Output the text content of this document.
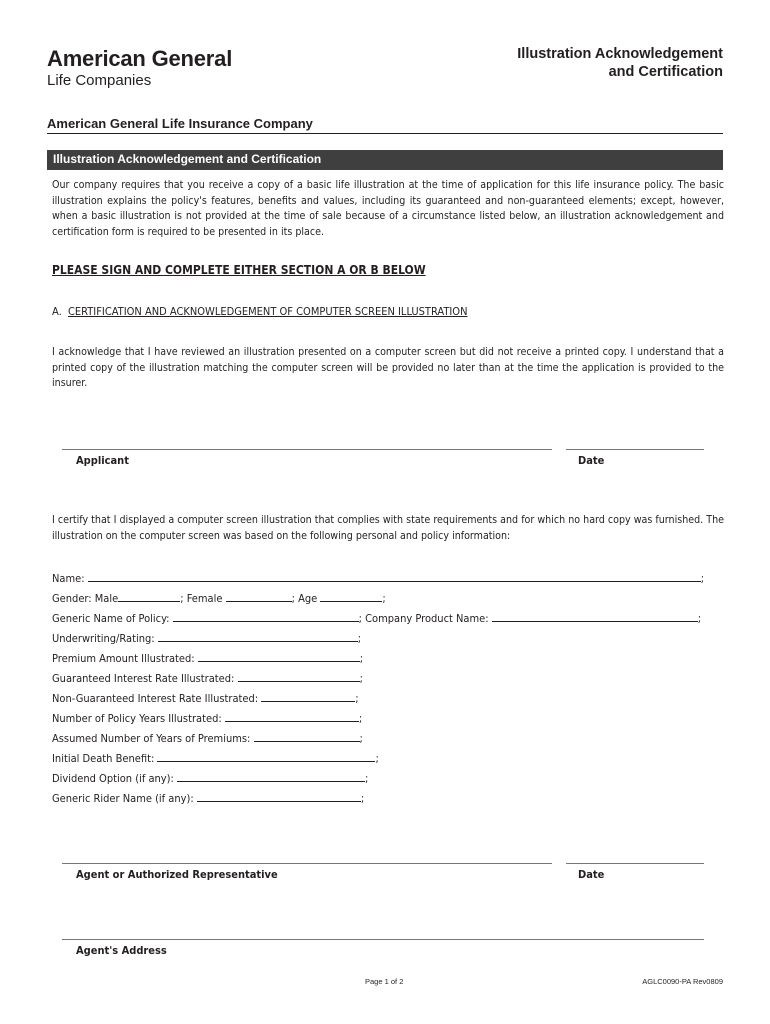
American General
Life Companies
Illustration Acknowledgement
and Certification
American General Life Insurance Company
Illustration Acknowledgement and Certification
Our company requires that you receive a copy of a basic life illustration at the time of application for this life insurance policy. The basic illustration explains the policy's features, benefits and values, including its guaranteed and non-guaranteed elements; except, however, when a basic illustration is not provided at the time of sale because of a circumstance listed below, an illustration acknowledgement and certification form is required to be presented in its place.
PLEASE SIGN AND COMPLETE EITHER SECTION A OR B BELOW
A. CERTIFICATION AND ACKNOWLEDGEMENT OF COMPUTER SCREEN ILLUSTRATION
I acknowledge that I have reviewed an illustration presented on a computer screen but did not receive a printed copy. I understand that a printed copy of the illustration matching the computer screen will be provided no later than at the time the application is provided to the insurer.
Applicant	Date
I certify that I displayed a computer screen illustration that complies with state requirements and for which no hard copy was furnished. The illustration on the computer screen was based on the following personal and policy information:
Name:	;
Gender: Male	; Female	; Age	;
Generic Name of Policy:	; Company Product Name:	;
Underwriting/Rating:	;
Premium Amount Illustrated:	;
Guaranteed Interest Rate Illustrated:	;
Non-Guaranteed Interest Rate Illustrated:	;
Number of Policy Years Illustrated:	;
Assumed Number of Years of Premiums:	;
Initial Death Benefit:	;
Dividend Option (if any):	;
Generic Rider Name (if any):	;
Agent or Authorized Representative	Date
Agent's Address
Page 1 of 2	AGLC0090-PA Rev0809
